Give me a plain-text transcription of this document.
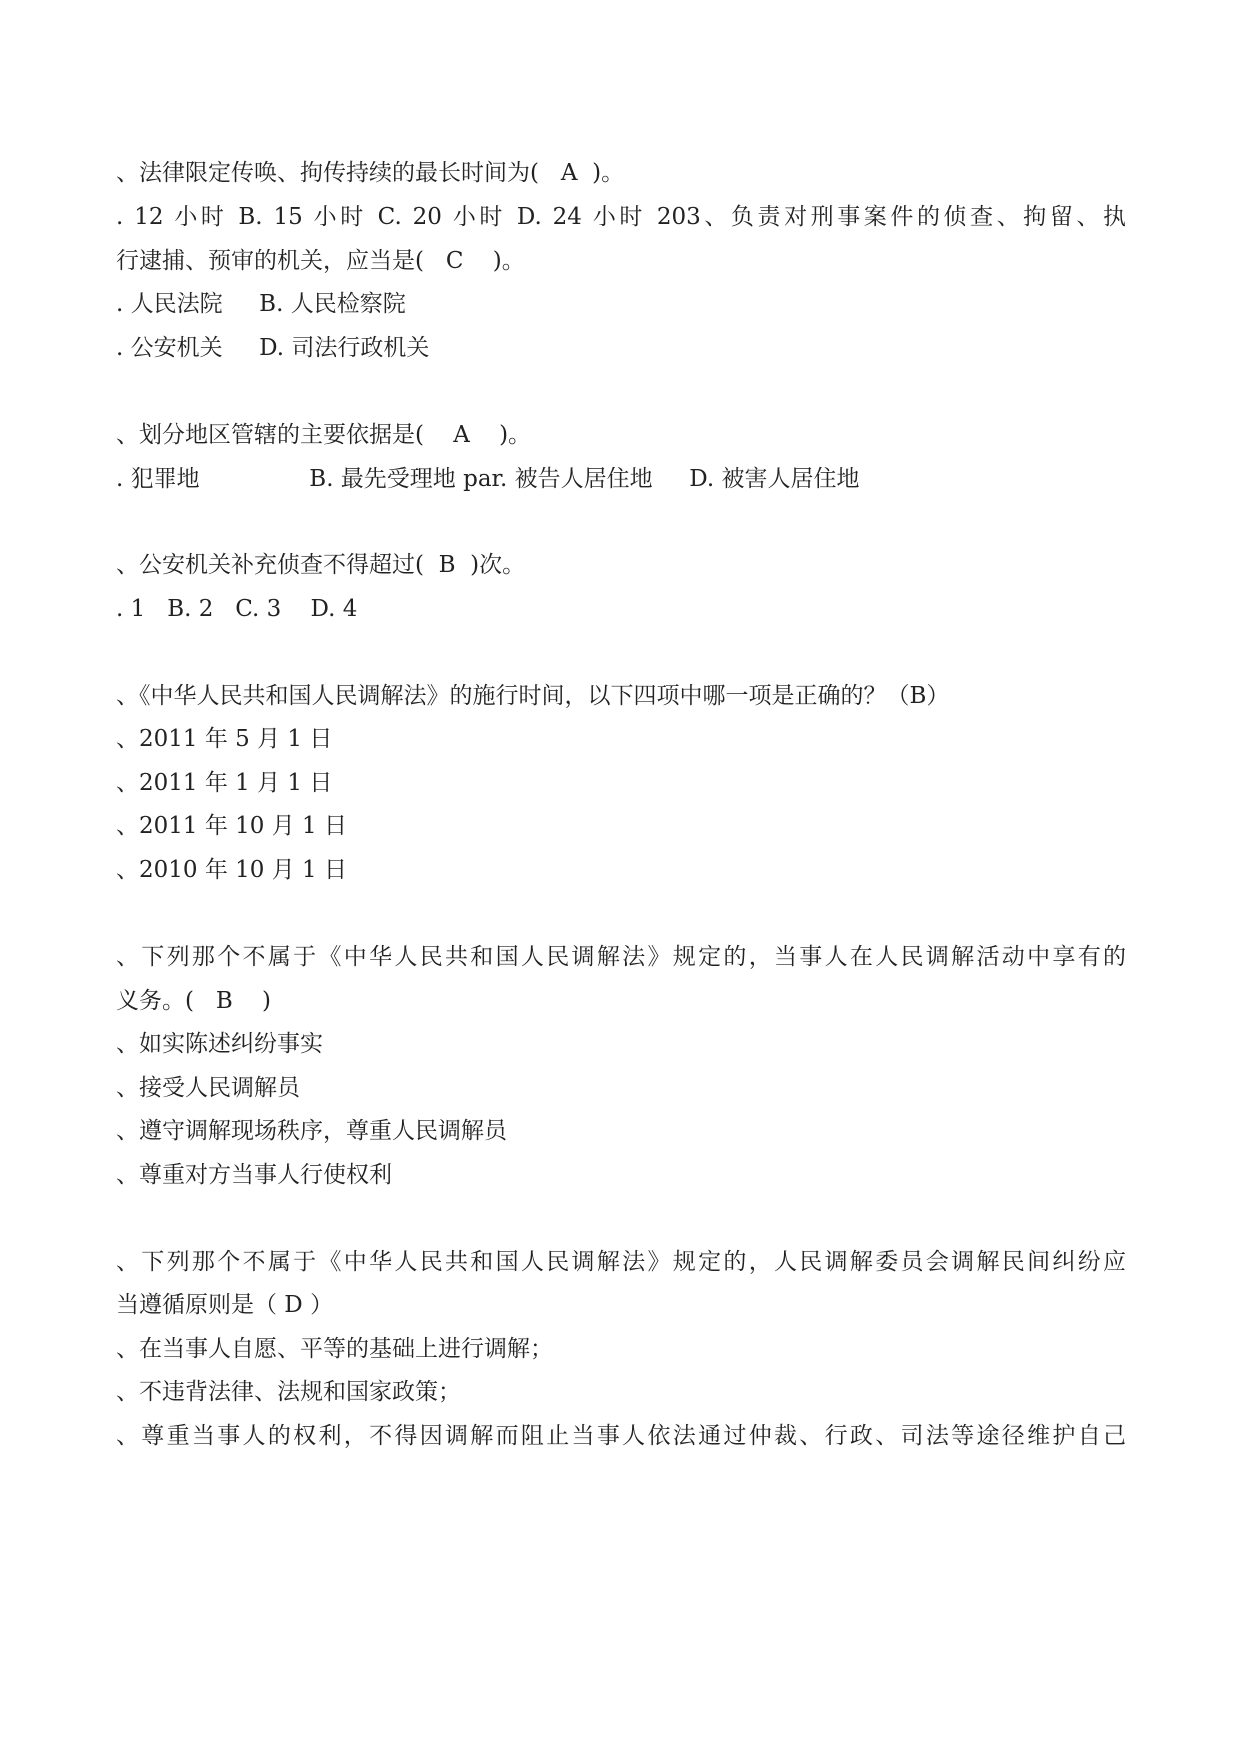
、法律限定传唤、拘传持续的最长时间为(   A  )。
. 12 小时 B. 15 小时 C. 20 小时 D. 24 小时 203、负责对刑事案件的侦查、拘留、执
行逮捕、预审的机关，应当是(   C    )。
. 人民法院     B. 人民检察院
. 公安机关     D. 司法行政机关
、划分地区管辖的主要依据是(    A    )。
. 犯罪地               B. 最先受理地 par. 被告人居住地     D. 被害人居住地
、公安机关补充侦查不得超过(  B  )次。
. 1   B. 2   C. 3    D. 4
、《中华人民共和国人民调解法》的施行时间，以下四项中哪一项是正确的？（B）
、2011 年 5 月 1 日
、2011 年 1 月 1 日
、2011 年 10 月 1 日
、2010 年 10 月 1 日
、下列那个不属于《中华人民共和国人民调解法》规定的，当事人在人民调解活动中享有的
义务。(   B    )
、如实陈述纠纷事实
、接受人民调解员
、遵守调解现场秩序，尊重人民调解员
、尊重对方当事人行使权利
、下列那个不属于《中华人民共和国人民调解法》规定的，人民调解委员会调解民间纠纷应
当遵循原则是（ D ）
、在当事人自愿、平等的基础上进行调解；
、不违背法律、法规和国家政策；
、尊重当事人的权利，不得因调解而阻止当事人依法通过仲裁、行政、司法等途径维护自己
